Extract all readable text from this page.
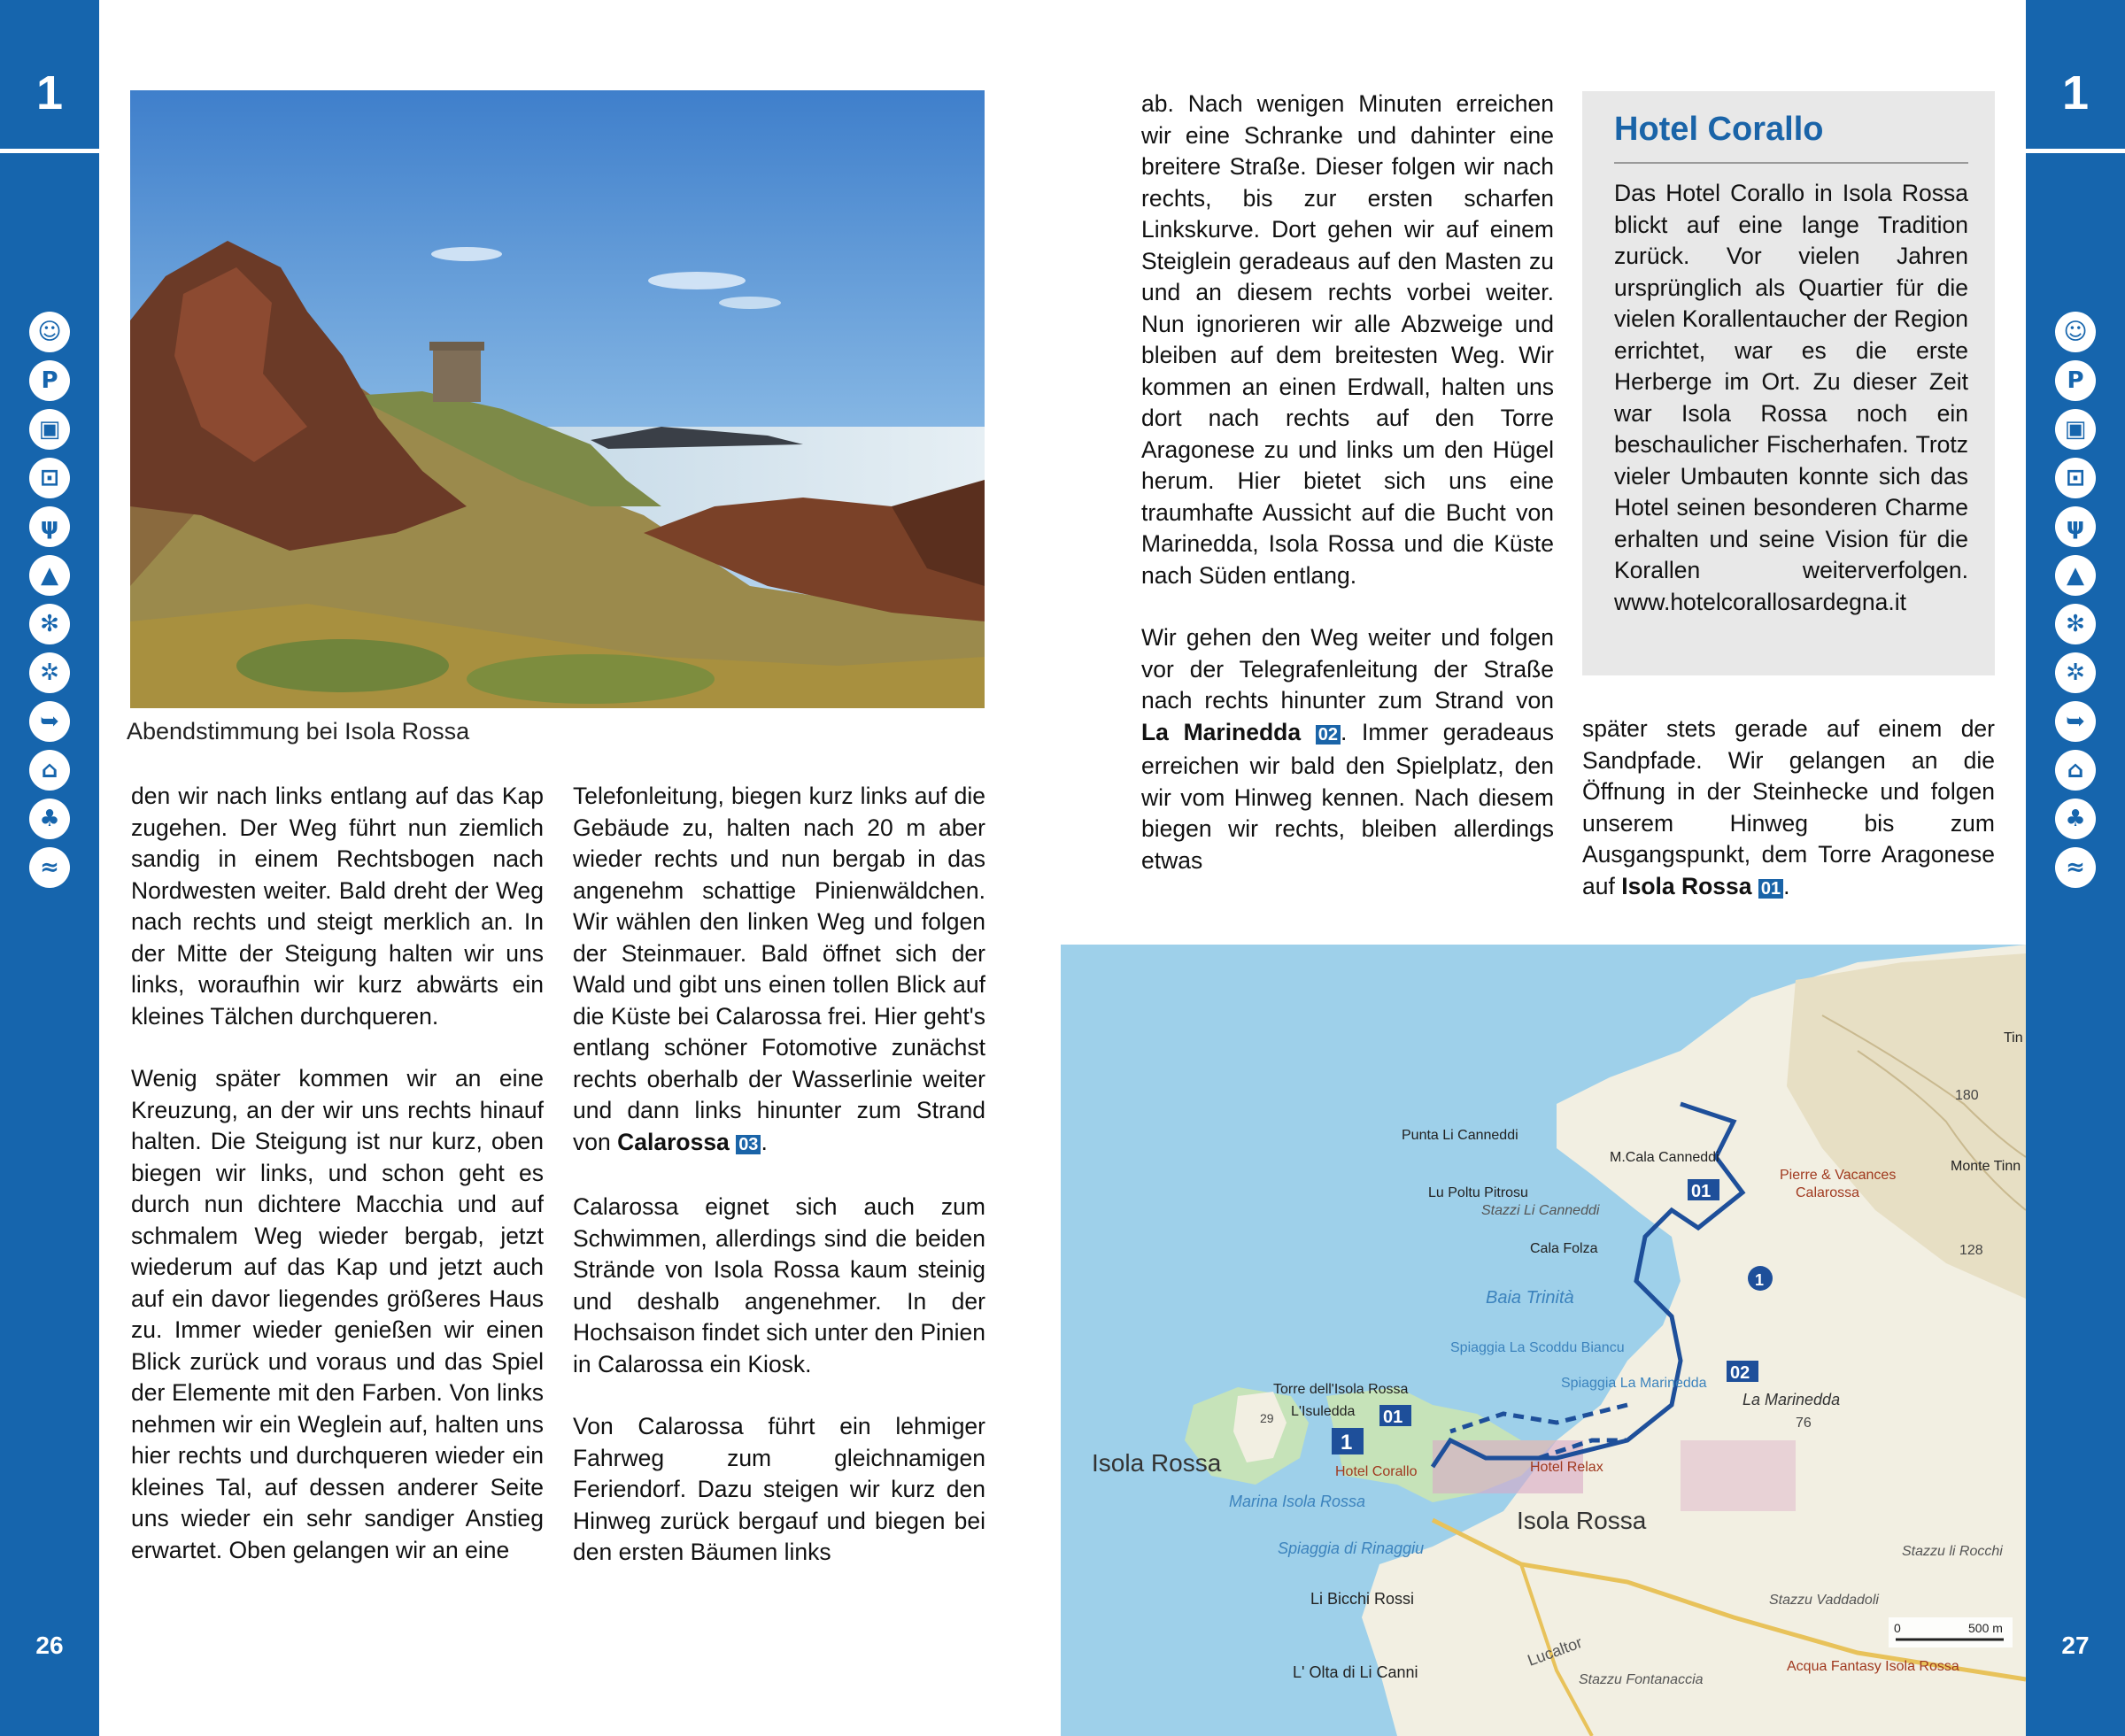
1
☺
P
▣
⊡
ψ
▲
✻
✲
➥
⌂
♣
≈
26
1
☺
P
▣
⊡
ψ
▲
✻
✲
➥
⌂
♣
≈
27
Abendstimmung bei Isola Rossa

den wir nach links entlang auf das Kap zugehen. Der Weg führt nun ziemlich sandig in einem Rechtsbogen nach Nordwesten weiter. Bald dreht der Weg nach rechts und steigt merklich an. In der Mitte der Steigung halten wir uns links, woraufhin wir kurz abwärts ein kleines Tälchen durchqueren.

Wenig später kommen wir an eine Kreuzung, an der wir uns rechts hinauf halten. Die Steigung ist nur kurz, oben biegen wir links, und schon geht es durch nun dichtere Macchia und auf schmalem Weg wieder bergab, jetzt wiederum auf das Kap und jetzt auch auf ein davor liegendes größeres Haus zu. Immer wieder genießen wir einen Blick zurück und voraus und das Spiel der Elemente mit den Farben. Von links nehmen wir ein Weglein auf, halten uns hier rechts und durchqueren wieder ein kleines Tal, auf dessen anderer Seite uns wieder ein sehr sandiger Anstieg erwartet. Oben gelangen wir an eine

Telefonleitung, biegen kurz links auf die Gebäude zu, halten nach 20 m aber wieder rechts und nun bergab in das angenehm schattige Pinienwäldchen. Wir wählen den linken Weg und folgen der Steinmauer. Bald öffnet sich der Wald und gibt uns einen tollen Blick auf die Küste bei Calarossa frei. Hier geht's entlang schöner Fotomotive zunächst rechts oberhalb der Wasserlinie weiter und dann links hinunter zum Strand von Calarossa 03 .

Calarossa eignet sich auch zum Schwimmen, allerdings sind die beiden Strände von Isola Rossa kaum steinig und deshalb angenehmer. In der Hochsaison findet sich unter den Pinien in Calarossa ein Kiosk.

Von Calarossa führt ein lehmiger Fahrweg zum gleichnamigen Feriendorf. Dazu steigen wir kurz den Hinweg zurück bergauf und biegen bei den ersten Bäumen links

ab. Nach wenigen Minuten erreichen wir eine Schranke und dahinter eine breitere Straße. Dieser folgen wir nach rechts, bis zur ersten scharfen Linkskurve. Dort gehen wir auf einem Steiglein geradeaus auf den Masten zu und an diesem rechts vorbei weiter. Nun ignorieren wir alle Abzweige und bleiben auf dem breitesten Weg. Wir kommen an einen Erdwall, halten uns dort nach rechts auf den Torre Aragonese zu und links um den Hügel herum. Hier bietet sich uns eine traumhafte Aussicht auf die Bucht von Marinedda, Isola Rossa und die Küste nach Süden entlang.

Wir gehen den Weg weiter und folgen vor der Telegrafenleitung der Straße nach rechts hinunter zum Strand von La Marinedda 02 . Immer geradeaus erreichen wir bald den Spielplatz, den wir vom Hinweg kennen. Nach diesem biegen wir rechts, bleiben allerdings etwas

Hotel Corallo
Das Hotel Corallo in Isola Rossa blickt auf eine lange Tradition zurück. Vor vielen Jahren ursprünglich als Quartier für die vielen Korallentaucher der Region errichtet, war es die erste Herberge im Ort. Zu dieser Zeit war Isola Rossa noch ein beschaulicher Fischerhafen. Trotz vieler Umbauten konnte sich das Hotel seinen besonderen Charme erhalten und seine Vision für die Korallen weiterverfolgen. www.hotelcorallosardegna.it

später stets gerade auf einem der Sandpfade. Wir gelangen an die Öffnung in der Steinhecke und folgen unserem Hinweg bis zum Ausgangspunkt, dem Torre Aragonese auf Isola Rossa 01 .

1
01
01
02
1
Punta Li Canneddi
M.Cala Canneddi
Pierre & Vacances
Calarossa
Monte Tinn
Tin
180
128
76
29
Lu Poltu Pitrosu
Stazzi Li Canneddi
Cala Folza
Baia Trinità
Spiaggia La Scoddu Biancu
Spiaggia La Marinedda
La Marinedda
Torre dell'Isola Rossa
L'Isuledda
Isola Rossa	Hotel Corallo	Hotel Relax
Marina Isola Rossa
Spiaggia di Rinaggiu
Isola Rossa
Li Bicchi Rossi
L' Olta di Li Canni
Lucaltor
Stazzu Fontanaccia
Acqua Fantasy Isola Rossa
Stazzu li Rocchi
Stazzu Vaddadoli
0	500 m
